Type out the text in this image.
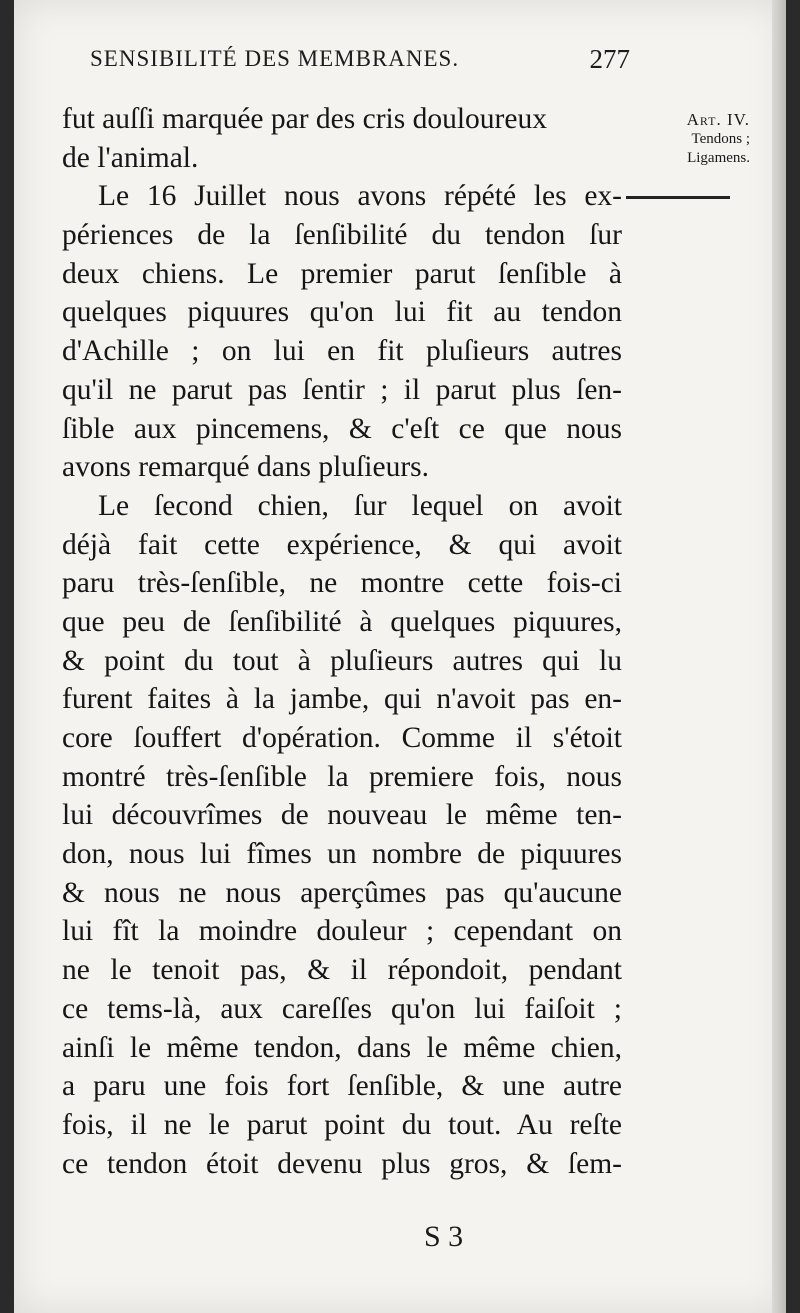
SENSIBILITÉ DES MEMBRANES.	277
Art. IV.
Tendons ;
Ligamens.
fut auſſi marquée par des cris douloureux
de l'animal.
Le 16 Juillet nous avons répété les ex-
périences de la ſenſibilité du tendon ſur
deux chiens. Le premier parut ſenſible à
quelques piquures qu'on lui fit au tendon
d'Achille ; on lui en fit pluſieurs autres
qu'il ne parut pas ſentir ; il parut plus ſen-
ſible aux pincemens, & c'eſt ce que nous
avons remarqué dans pluſieurs.
Le ſecond chien, ſur lequel on avoit
déjà fait cette expérience, & qui avoit
paru très-ſenſible, ne montre cette fois-ci
que peu de ſenſibilité à quelques piquures,
& point du tout à pluſieurs autres qui lu
furent faites à la jambe, qui n'avoit pas en-
core ſouffert d'opération. Comme il s'étoit
montré très-ſenſible la premiere fois, nous
lui découvrîmes de nouveau le même ten-
don, nous lui fîmes un nombre de piquures
& nous ne nous aperçûmes pas qu'aucune
lui fît la moindre douleur ; cependant on
ne le tenoit pas, & il répondoit, pendant
ce tems-là, aux careſſes qu'on lui faiſoit ;
ainſi le même tendon, dans le même chien,
a paru une fois fort ſenſible, & une autre
fois, il ne le parut point du tout. Au reſte
ce tendon étoit devenu plus gros, & ſem-
S 3
